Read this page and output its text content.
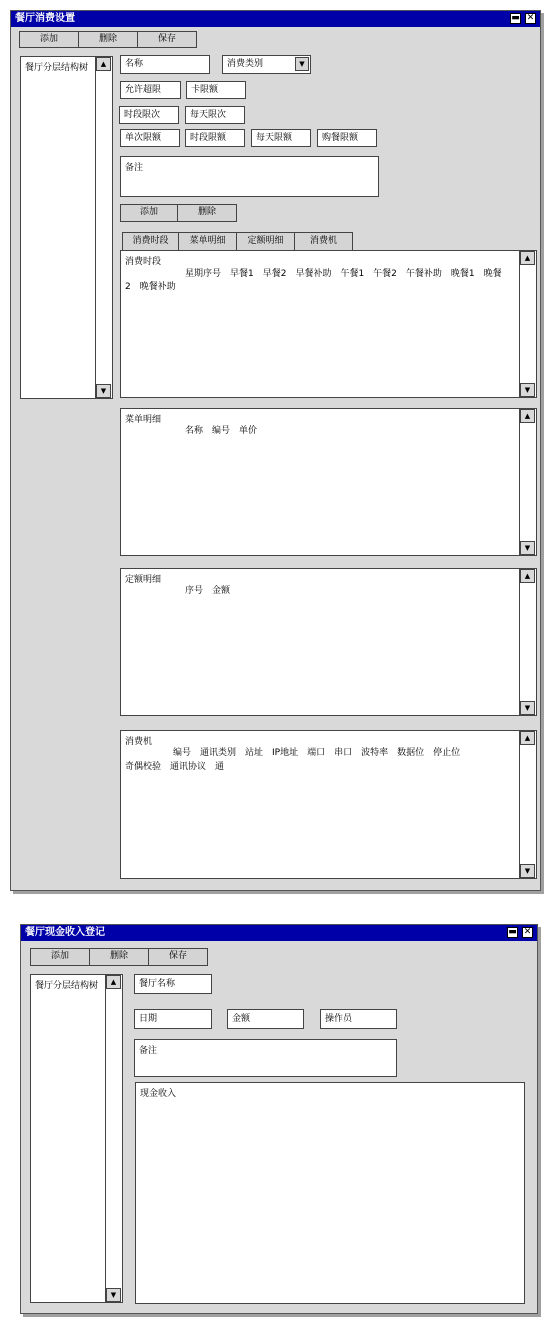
餐厅消费设置	▬ ✕
添加	删除	保存
餐厅分层结构树	▲
▼
名称	消费类别	▼
允许超限	卡限额
时段限次	每天限次
单次限额	时段限额	每天限额	购餐限额
备注
添加	删除
消费时段	菜单明细	定额明细	消费机
消费时段
星期序号　早餐1　早餐2　早餐补助　午餐1　午餐2　午餐补助　晚餐1　晚餐
2　晚餐补助
▲
▼
菜单明细
名称　编号　单价
▲
▼
定额明细
序号　金额
▲
▼
消费机
编号　通讯类别　站址　IP地址　端口　串口　波特率　数据位　停止位
奇偶校验　通讯协议　通
▲
▼
餐厅现金收入登记	▬ ✕
添加	删除	保存
餐厅分层结构树	▲
▼
餐厅名称
日期	金额	操作员
备注
现金收入
